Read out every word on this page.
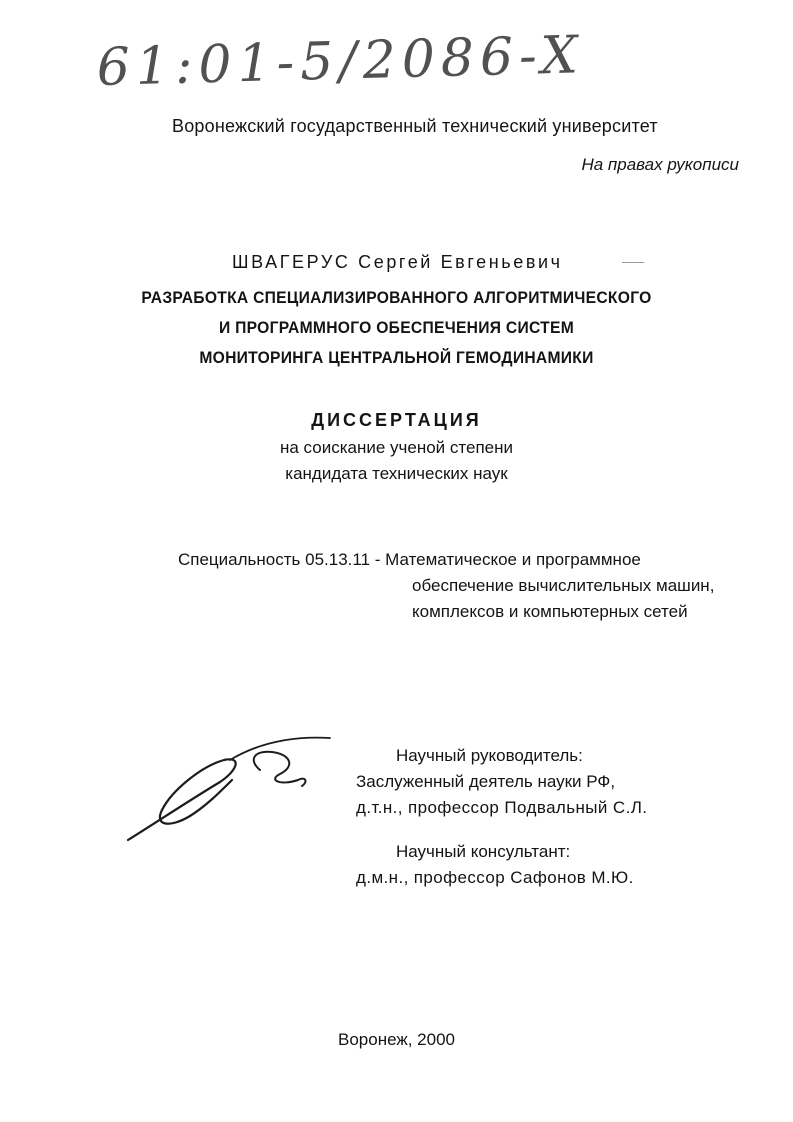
61:01-5/2086-X
Воронежский государственный технический университет
На правах рукописи
ШВАГЕРУС Сергей Евгеньевич
РАЗРАБОТКА СПЕЦИАЛИЗИРОВАННОГО АЛГОРИТМИЧЕСКОГО
И ПРОГРАММНОГО ОБЕСПЕЧЕНИЯ СИСТЕМ
МОНИТОРИНГА ЦЕНТРАЛЬНОЙ ГЕМОДИНАМИКИ
ДИССЕРТАЦИЯ
на соискание ученой степени
кандидата технических наук
Специальность 05.13.11 - Математическое и программное
обеспечение вычислительных машин,
комплексов и компьютерных сетей
Научный руководитель:
Заслуженный деятель науки РФ,
д.т.н., профессор Подвальный С.Л.
Научный консультант:
д.м.н., профессор Сафонов М.Ю.
Воронеж, 2000
